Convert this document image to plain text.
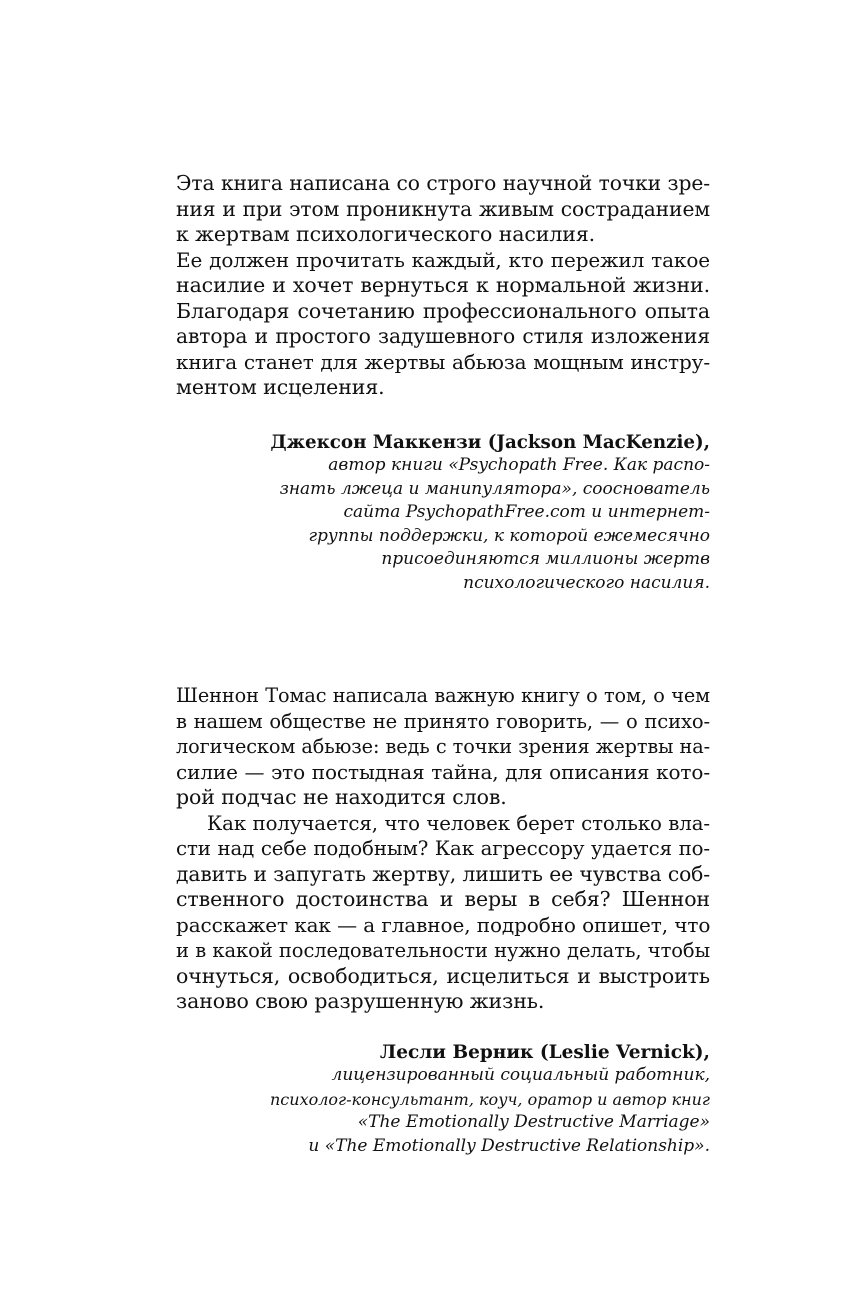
Эта книга написана со строго научной точки зре-
ния и при этом проникнута живым состраданием
к жертвам психологического насилия.
Ее должен прочитать каждый, кто пережил такое
насилие и хочет вернуться к нормальной жизни.
Благодаря сочетанию профессионального опыта
автора и простого задушевного стиля изложения
книга станет для жертвы абьюза мощным инстру-
ментом исцеления.

Джексон Маккензи (Jackson MacKenzie),
автор книги «Psychopath Free. Как распо-
знать лжеца и манипулятора», сооснователь
сайта PsychopathFree.com и интернет-
группы поддержки, к которой ежемесячно
присоединяются миллионы жертв
психологического насилия.

Шеннон Томас написала важную книгу о том, о чем
в нашем обществе не принято говорить, — о психо-
логическом абьюзе: ведь с точки зрения жертвы на-
силие — это постыдная тайна, для описания кото-
рой подчас не находится слов.

Как получается, что человек берет столько вла-
сти над себе подобным? Как агрессору удается по-
давить и запугать жертву, лишить ее чувства соб-
ственного достоинства и веры в себя? Шеннон
расскажет как — а главное, подробно опишет, что
и в какой последовательности нужно делать, чтобы
очнуться, освободиться, исцелиться и выстроить
заново свою разрушенную жизнь.

Лесли Верник (Leslie Vernick),
лицензированный социальный работник,
психолог-консультант, коуч, оратор и автор книг
«The Emotionally Destructive Marriage»
и «The Emotionally Destructive Relationship».
